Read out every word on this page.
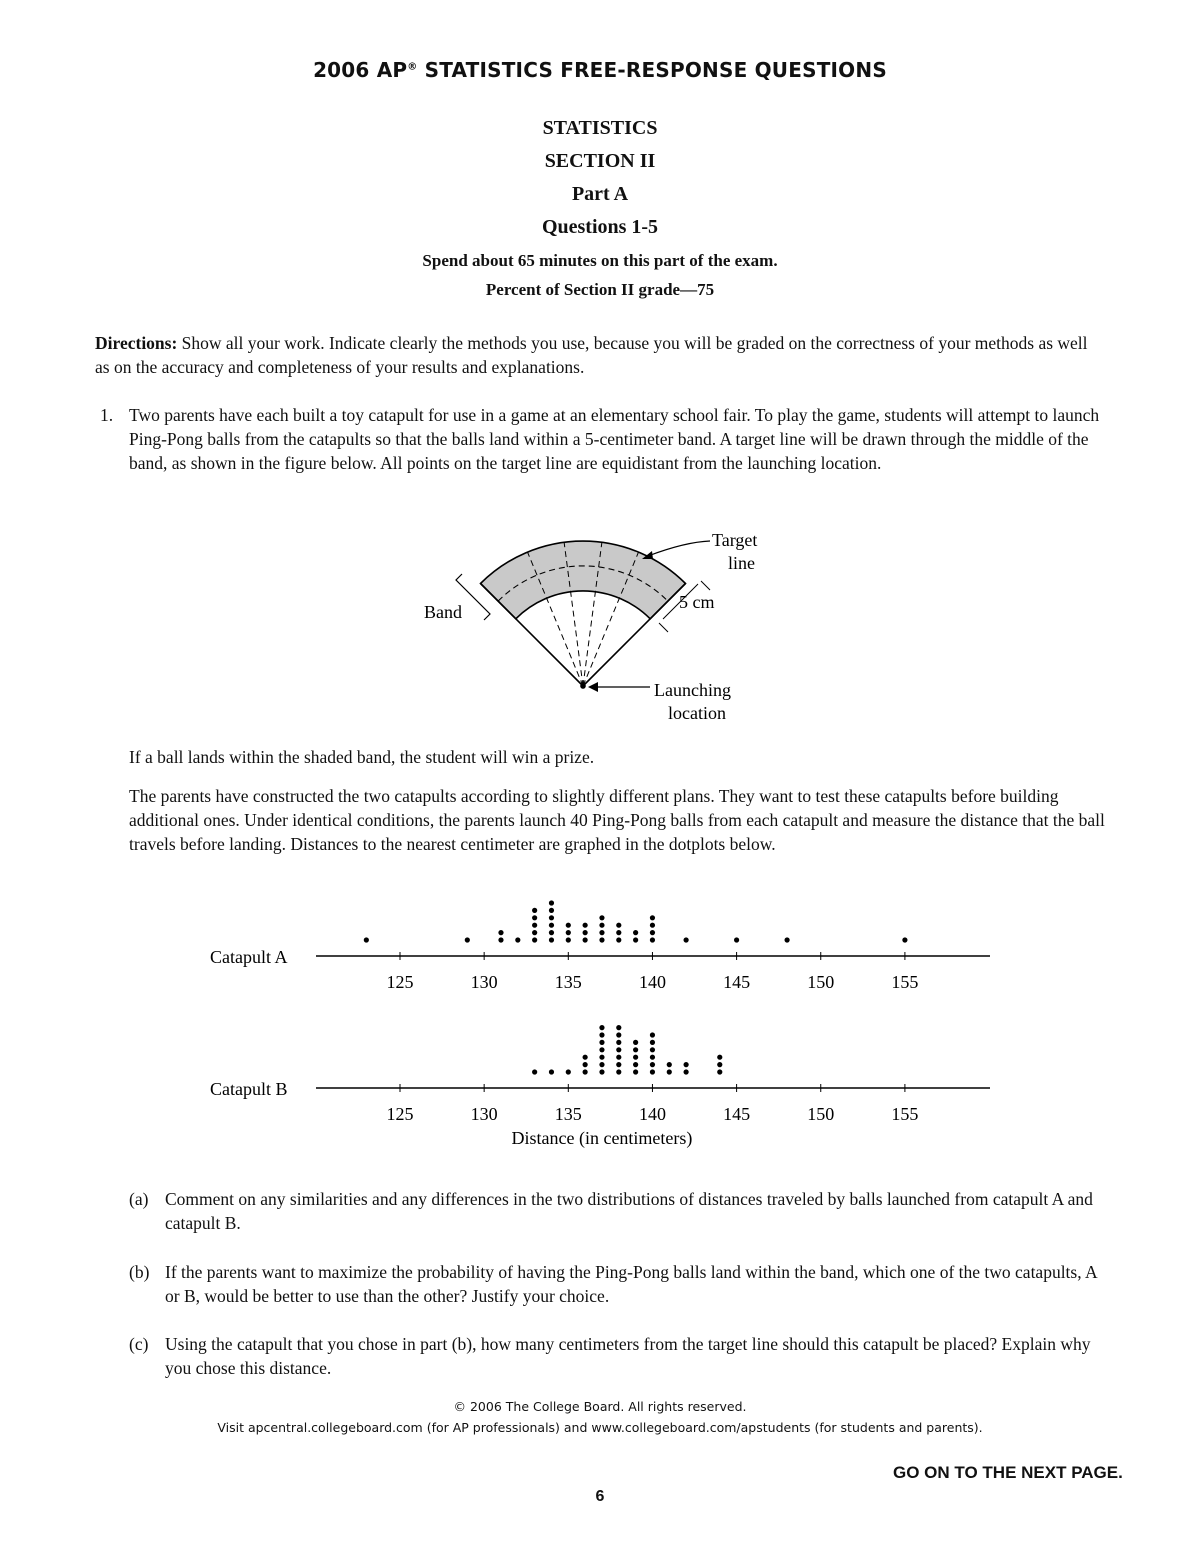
2006 AP® STATISTICS FREE-RESPONSE QUESTIONS
STATISTICS
SECTION II
Part A
Questions 1-5
Spend about 65 minutes on this part of the exam.
Percent of Section II grade—75
Directions: Show all your work. Indicate clearly the methods you use, because you will be graded on the correctness of your methods as well as on the accuracy and completeness of your results and explanations.
1. Two parents have each built a toy catapult for use in a game at an elementary school fair. To play the game, students will attempt to launch Ping-Pong balls from the catapults so that the balls land within a 5-centimeter band. A target line will be drawn through the middle of the band, as shown in the figure below. All points on the target line are equidistant from the launching location.
Target
line
Band	5 cm
Launching
location
If a ball lands within the shaded band, the student will win a prize.
The parents have constructed the two catapults according to slightly different plans. They want to test these catapults before building additional ones. Under identical conditions, the parents launch 40 Ping-Pong balls from each catapult and measure the distance that the ball travels before landing. Distances to the nearest centimeter are graphed in the dotplots below.
Catapult A
125	130	135	140	145	150	155
Catapult B
125	130	135	140	145	150	155
Distance (in centimeters)
(a) Comment on any similarities and any differences in the two distributions of distances traveled by balls launched from catapult A and catapult B.
(b) If the parents want to maximize the probability of having the Ping-Pong balls land within the band, which one of the two catapults, A or B, would be better to use than the other? Justify your choice.
(c) Using the catapult that you chose in part (b), how many centimeters from the target line should this catapult be placed? Explain why you chose this distance.
© 2006 The College Board. All rights reserved.
Visit apcentral.collegeboard.com (for AP professionals) and www.collegeboard.com/apstudents (for students and parents).
GO ON TO THE NEXT PAGE.
6
